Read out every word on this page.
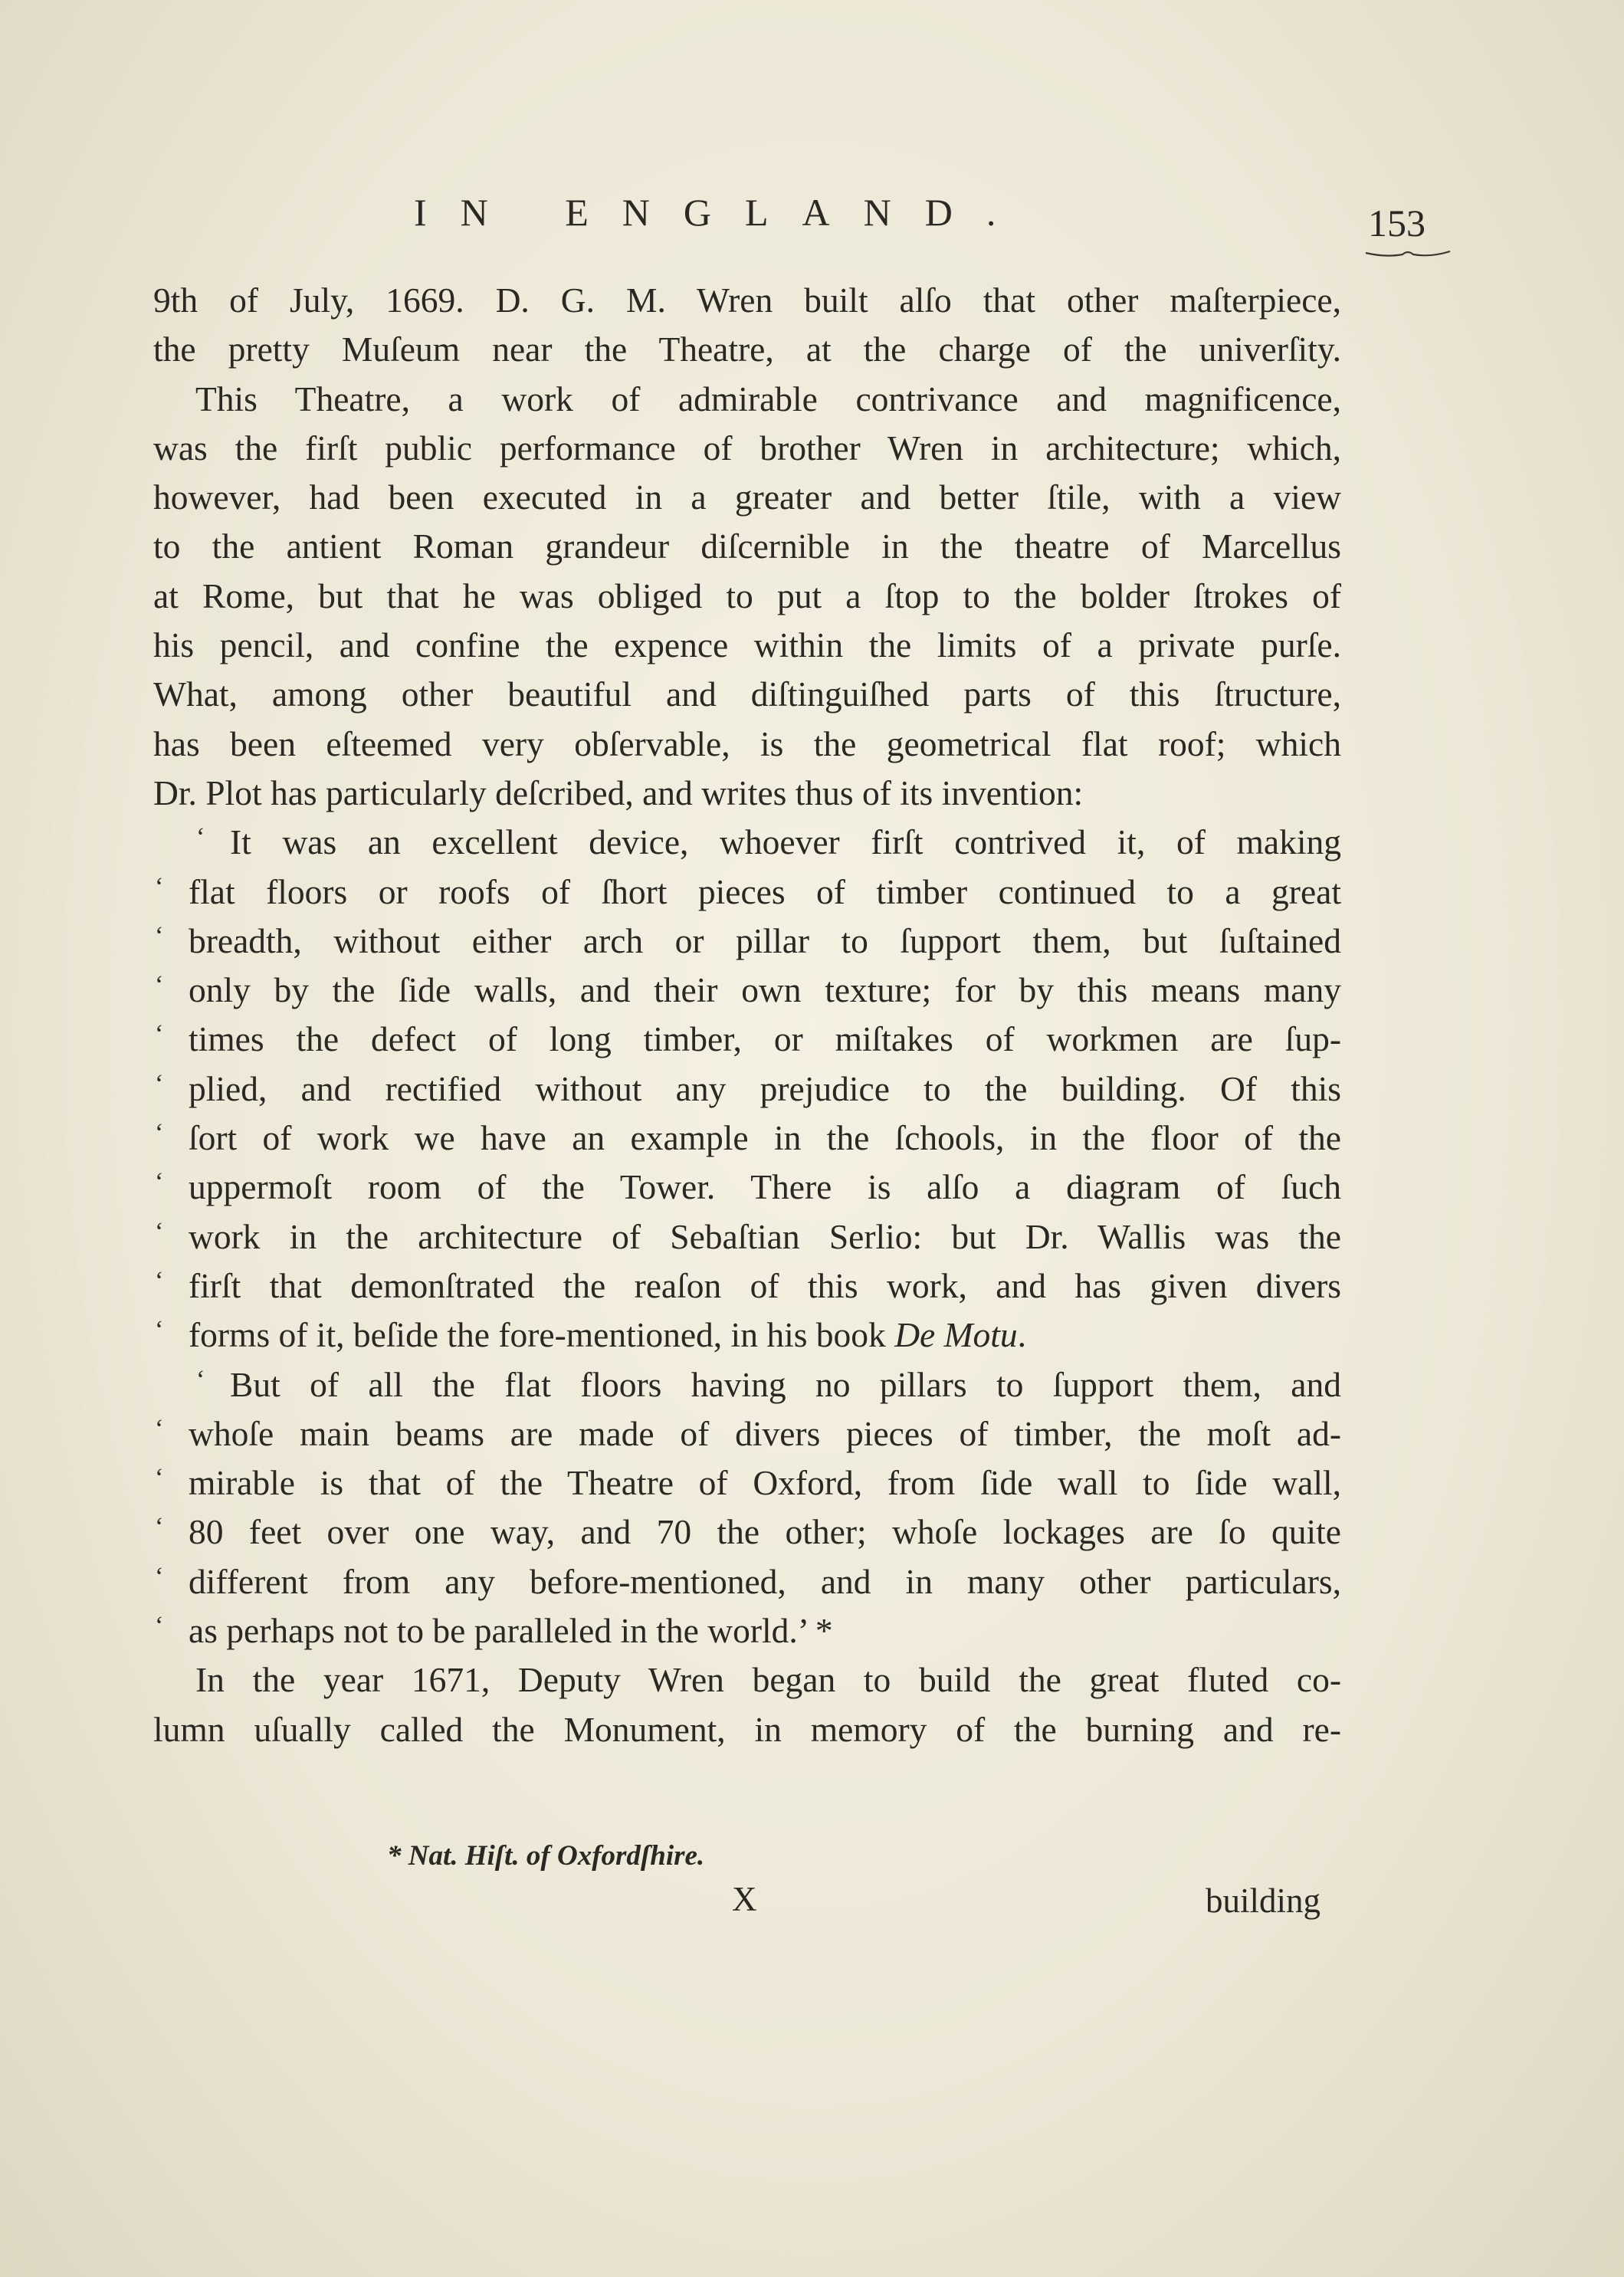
IN ENGLAND.	153
9th of July, 1669. D. G. M. Wren built alſo that other maſterpiece,
the pretty Muſeum near the Theatre, at the charge of the univerſity.
This Theatre, a work of admirable contrivance and magnificence,
was the firſt public performance of brother Wren in architecture; which,
however, had been executed in a greater and better ſtile, with a view
to the antient Roman grandeur diſcernible in the theatre of Marcellus
at Rome, but that he was obliged to put a ſtop to the bolder ſtrokes of
his pencil, and confine the expence within the limits of a private purſe.
What, among other beautiful and diſtinguiſhed parts of this ſtructure,
has been eſteemed very obſervable, is the geometrical flat roof; which
Dr. Plot has particularly deſcribed, and writes thus of its invention:
‘ It was an excellent device, whoever firſt contrived it, of making
‘ flat floors or roofs of ſhort pieces of timber continued to a great
‘ breadth, without either arch or pillar to ſupport them, but ſuſtained
‘ only by the ſide walls, and their own texture; for by this means many
‘ times the defect of long timber, or miſtakes of workmen are ſup-
‘ plied, and rectified without any prejudice to the building. Of this
‘ ſort of work we have an example in the ſchools, in the floor of the
‘ uppermoſt room of the Tower. There is alſo a diagram of ſuch
‘ work in the architecture of Sebaſtian Serlio: but Dr. Wallis was the
‘ firſt that demonſtrated the reaſon of this work, and has given divers
‘ forms of it, beſide the fore-mentioned, in his book De Motu.
‘ But of all the flat floors having no pillars to ſupport them, and
‘ whoſe main beams are made of divers pieces of timber, the moſt ad-
‘ mirable is that of the Theatre of Oxford, from ſide wall to ſide wall,
‘ 80 feet over one way, and 70 the other; whoſe lockages are ſo quite
‘ different from any before-mentioned, and in many other particulars,
‘ as perhaps not to be paralleled in the world.’ *
In the year 1671, Deputy Wren began to build the great fluted co-
lumn uſually called the Monument, in memory of the burning and re-
* Nat. Hiſt. of Oxfordſhire.
X	building
